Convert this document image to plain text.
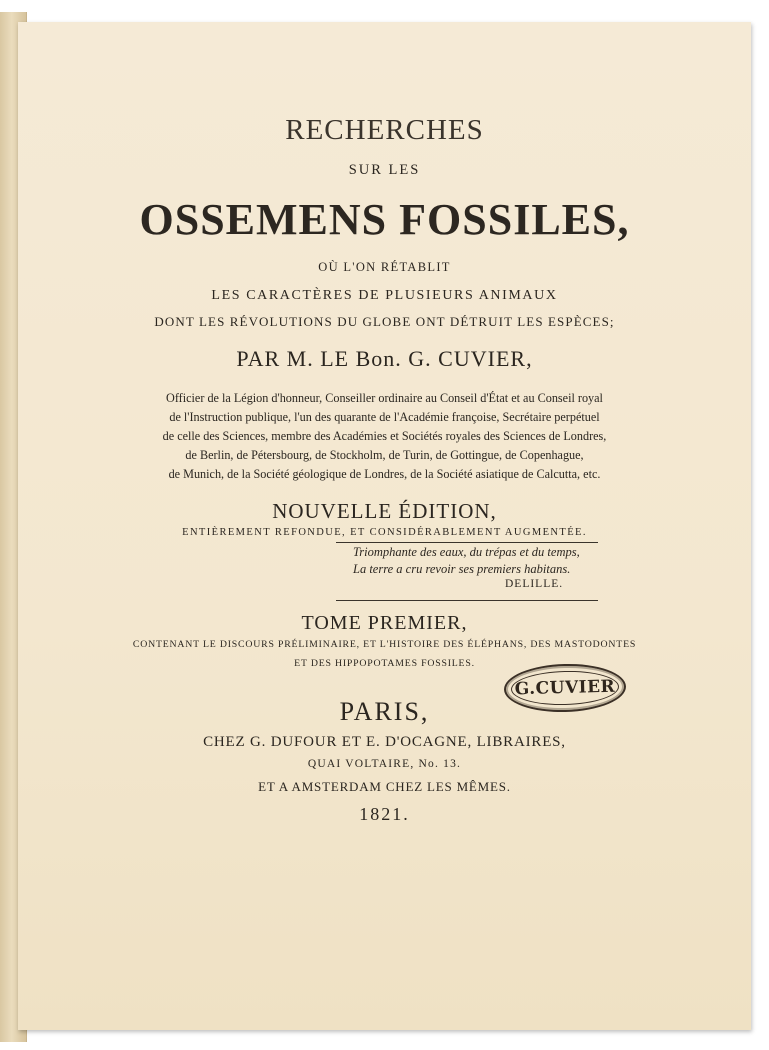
RECHERCHES
SUR LES
OSSEMENS FOSSILES,
OÙ L'ON RÉTABLIT
LES CARACTÈRES DE PLUSIEURS ANIMAUX
DONT LES RÉVOLUTIONS DU GLOBE ONT DÉTRUIT LES ESPÈCES;
PAR M. LE Bon. G. CUVIER,
Officier de la Légion d'honneur, Conseiller ordinaire au Conseil d'État et au Conseil royal
de l'Instruction publique, l'un des quarante de l'Académie françoise, Secrétaire perpétuel
de celle des Sciences, membre des Académies et Sociétés royales des Sciences de Londres,
de Berlin, de Pétersbourg, de Stockholm, de Turin, de Gottingue, de Copenhague,
de Munich, de la Société géologique de Londres, de la Société asiatique de Calcutta, etc.
NOUVELLE ÉDITION,
ENTIÈREMENT REFONDUE, ET CONSIDÉRABLEMENT AUGMENTÉE.
Triomphante des eaux, du trépas et du temps,
La terre a cru revoir ses premiers habitans.
DELILLE.
TOME PREMIER,
CONTENANT LE DISCOURS PRÉLIMINAIRE, ET L'HISTOIRE DES ÉLÉPHANS, DES MASTODONTES
ET DES HIPPOPOTAMES FOSSILES.
G.CUVIER
PARIS,
CHEZ G. DUFOUR ET E. D'OCAGNE, LIBRAIRES,
QUAI VOLTAIRE, No. 13.
ET A AMSTERDAM CHEZ LES MÊMES.
1821.
